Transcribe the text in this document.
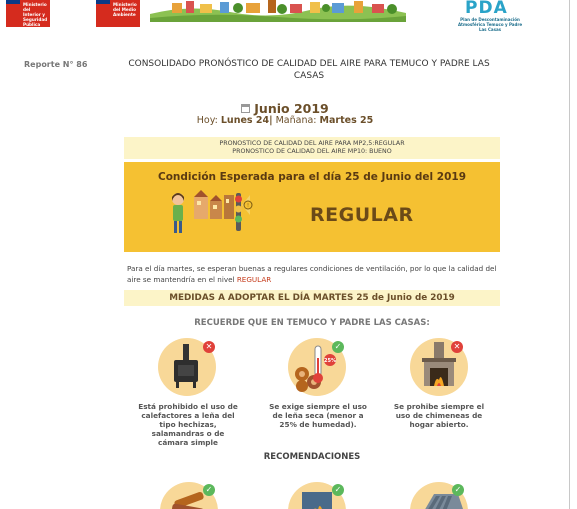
Ministerio del Interior y Seguridad Pública
Ministerio del Medio Ambiente	PDA
Plan de Descontaminación Atmosférica Temuco y Padre Las Casas
Reporte N° 86	CONSOLIDADO PRONÓSTICO DE CALIDAD DEL AIRE PARA TEMUCO Y PADRE LAS CASAS
Junio 2019
Hoy: Lunes 24| Mañana: Martes 25
PRONOSTICO DE CALIDAD DEL AIRE PARA MP2,5:REGULAR
PRONOSTICO DE CALIDAD DEL AIRE MP10: BUENO
Condición Esperada para el día 25 de Junio del 2019
!	REGULAR
Para el día martes, se esperan buenas a regulares condiciones de ventilación, por lo que la calidad del aire se mantendría en el nivel REGULAR
MEDIDAS A ADOPTAR EL DÍA MARTES 25 de Junio de 2019
RECUERDE QUE EN TEMUCO Y PADRE LAS CASAS:
✕
Está prohibido el uso de calefactores a leña del tipo hechizas, salamandras o de cámara simple
25%
✓
Se exige siempre el uso de leña seca (menor a 25% de humedad).
✕
Se prohibe siempre el uso de chimeneas de hogar abierto.
RECOMENDACIONES
✓	✓	✓
